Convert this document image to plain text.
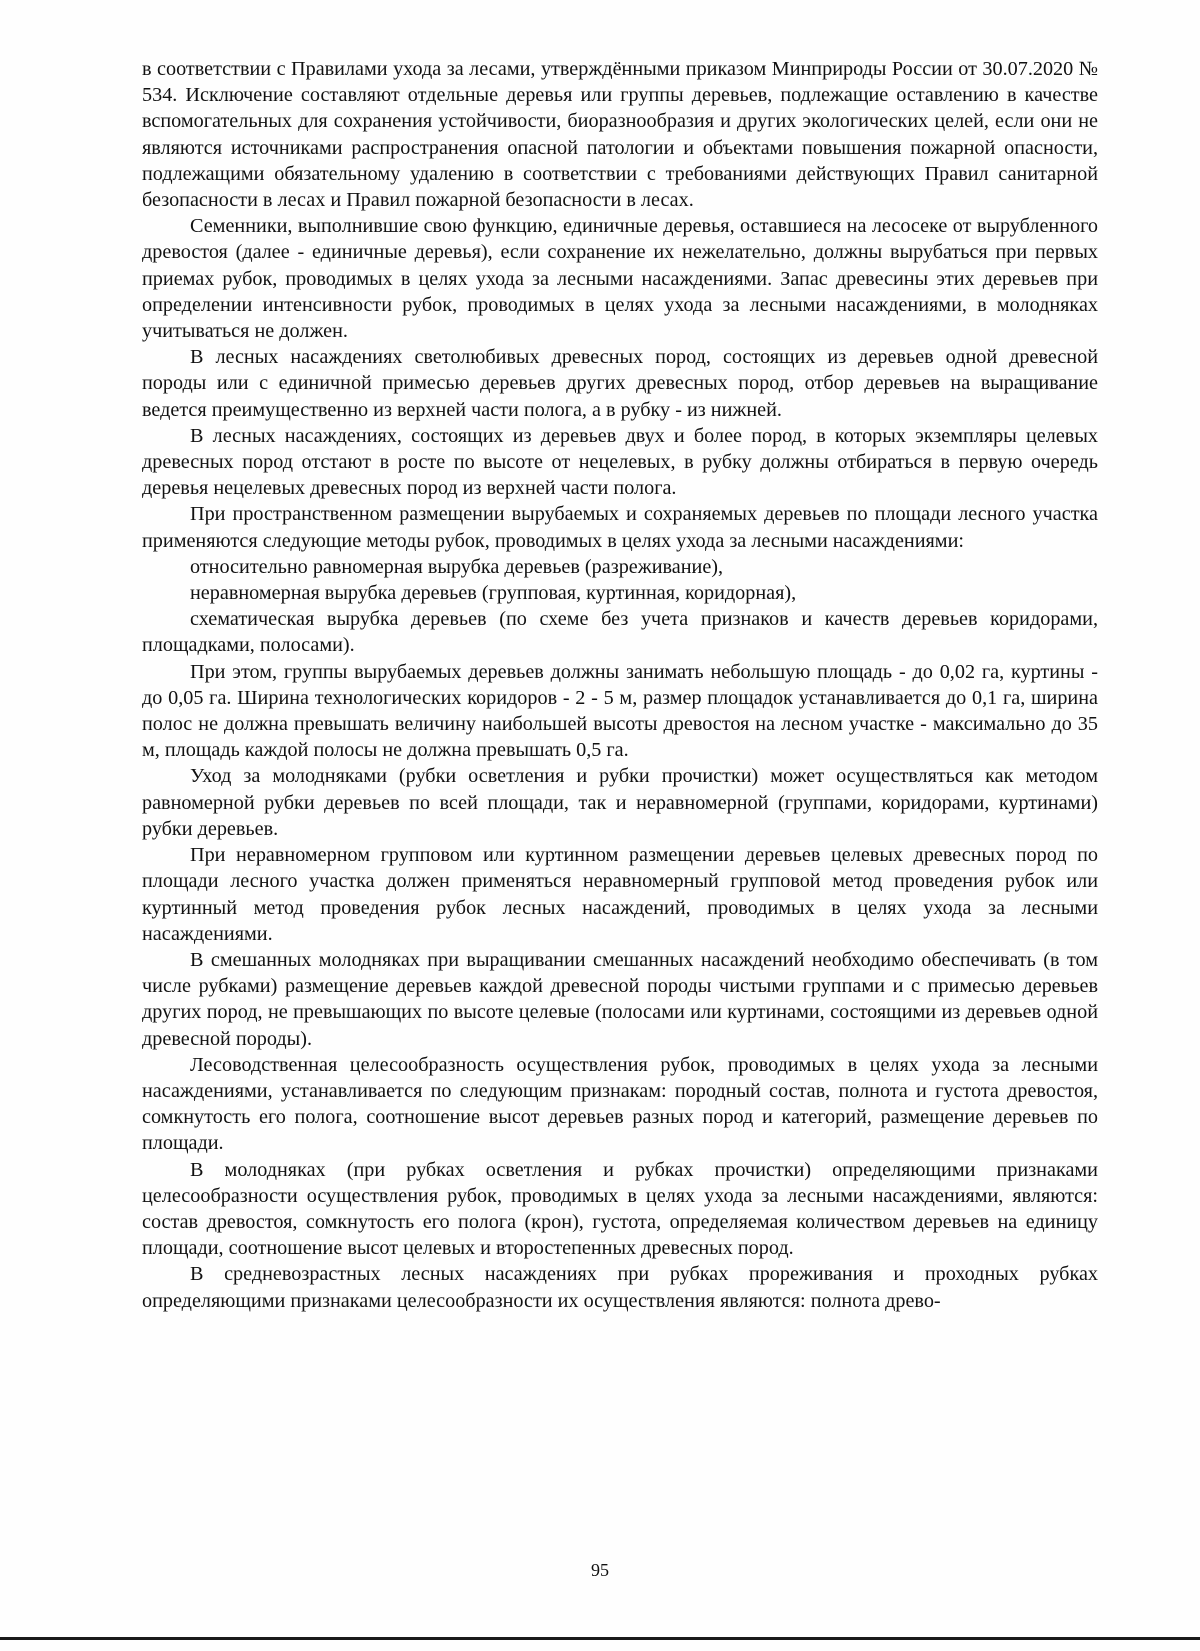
в соответствии с Правилами ухода за лесами, утверждёнными приказом Минприроды России от 30.07.2020 № 534. Исключение составляют отдельные деревья или группы деревьев, подлежащие оставлению в качестве вспомогательных для сохранения устойчивости, биоразнообразия и других экологических целей, если они не являются источниками распространения опасной патологии и объектами повышения пожарной опасности, подлежащими обязательному удалению в соответствии с требованиями действующих Правил санитарной безопасности в лесах и Правил пожарной безопасности в лесах.

Семенники, выполнившие свою функцию, единичные деревья, оставшиеся на лесосеке от вырубленного древостоя (далее - единичные деревья), если сохранение их нежелательно, должны вырубаться при первых приемах рубок, проводимых в целях ухода за лесными насаждениями. Запас древесины этих деревьев при определении интенсивности рубок, проводимых в целях ухода за лесными насаждениями, в молодняках учитываться не должен.

В лесных насаждениях светолюбивых древесных пород, состоящих из деревьев одной древесной породы или с единичной примесью деревьев других древесных пород, отбор деревьев на выращивание ведется преимущественно из верхней части полога, а в рубку - из нижней.

В лесных насаждениях, состоящих из деревьев двух и более пород, в которых экземпляры целевых древесных пород отстают в росте по высоте от нецелевых, в рубку должны отбираться в первую очередь деревья нецелевых древесных пород из верхней части полога.

При пространственном размещении вырубаемых и сохраняемых деревьев по площади лесного участка применяются следующие методы рубок, проводимых в целях ухода за лесными насаждениями:

относительно равномерная вырубка деревьев (разреживание),

неравномерная вырубка деревьев (групповая, куртинная, коридорная),

схематическая вырубка деревьев (по схеме без учета признаков и качеств деревьев коридорами, площадками, полосами).

При этом, группы вырубаемых деревьев должны занимать небольшую площадь - до 0,02 га, куртины - до 0,05 га. Ширина технологических коридоров - 2 - 5 м, размер площадок устанавливается до 0,1 га, ширина полос не должна превышать величину наибольшей высоты древостоя на лесном участке - максимально до 35 м, площадь каждой полосы не должна превышать 0,5 га.

Уход за молодняками (рубки осветления и рубки прочистки) может осуществляться как методом равномерной рубки деревьев по всей площади, так и неравномерной (группами, коридорами, куртинами) рубки деревьев.

При неравномерном групповом или куртинном размещении деревьев целевых древесных пород по площади лесного участка должен применяться неравномерный групповой метод проведения рубок или куртинный метод проведения рубок лесных насаждений, проводимых в целях ухода за лесными насаждениями.

В смешанных молодняках при выращивании смешанных насаждений необходимо обеспечивать (в том числе рубками) размещение деревьев каждой древесной породы чистыми группами и с примесью деревьев других пород, не превышающих по высоте целевые (полосами или куртинами, состоящими из деревьев одной древесной породы).

Лесоводственная целесообразность осуществления рубок, проводимых в целях ухода за лесными насаждениями, устанавливается по следующим признакам: породный состав, полнота и густота древостоя, сомкнутость его полога, соотношение высот деревьев разных пород и категорий, размещение деревьев по площади.

В молодняках (при рубках осветления и рубках прочистки) определяющими признаками целесообразности осуществления рубок, проводимых в целях ухода за лесными насаждениями, являются: состав древостоя, сомкнутость его полога (крон), густота, определяемая количеством деревьев на единицу площади, соотношение высот целевых и второстепенных древесных пород.

В средневозрастных лесных насаждениях при рубках прореживания и проходных рубках определяющими признаками целесообразности их осуществления являются: полнота древо-

95
